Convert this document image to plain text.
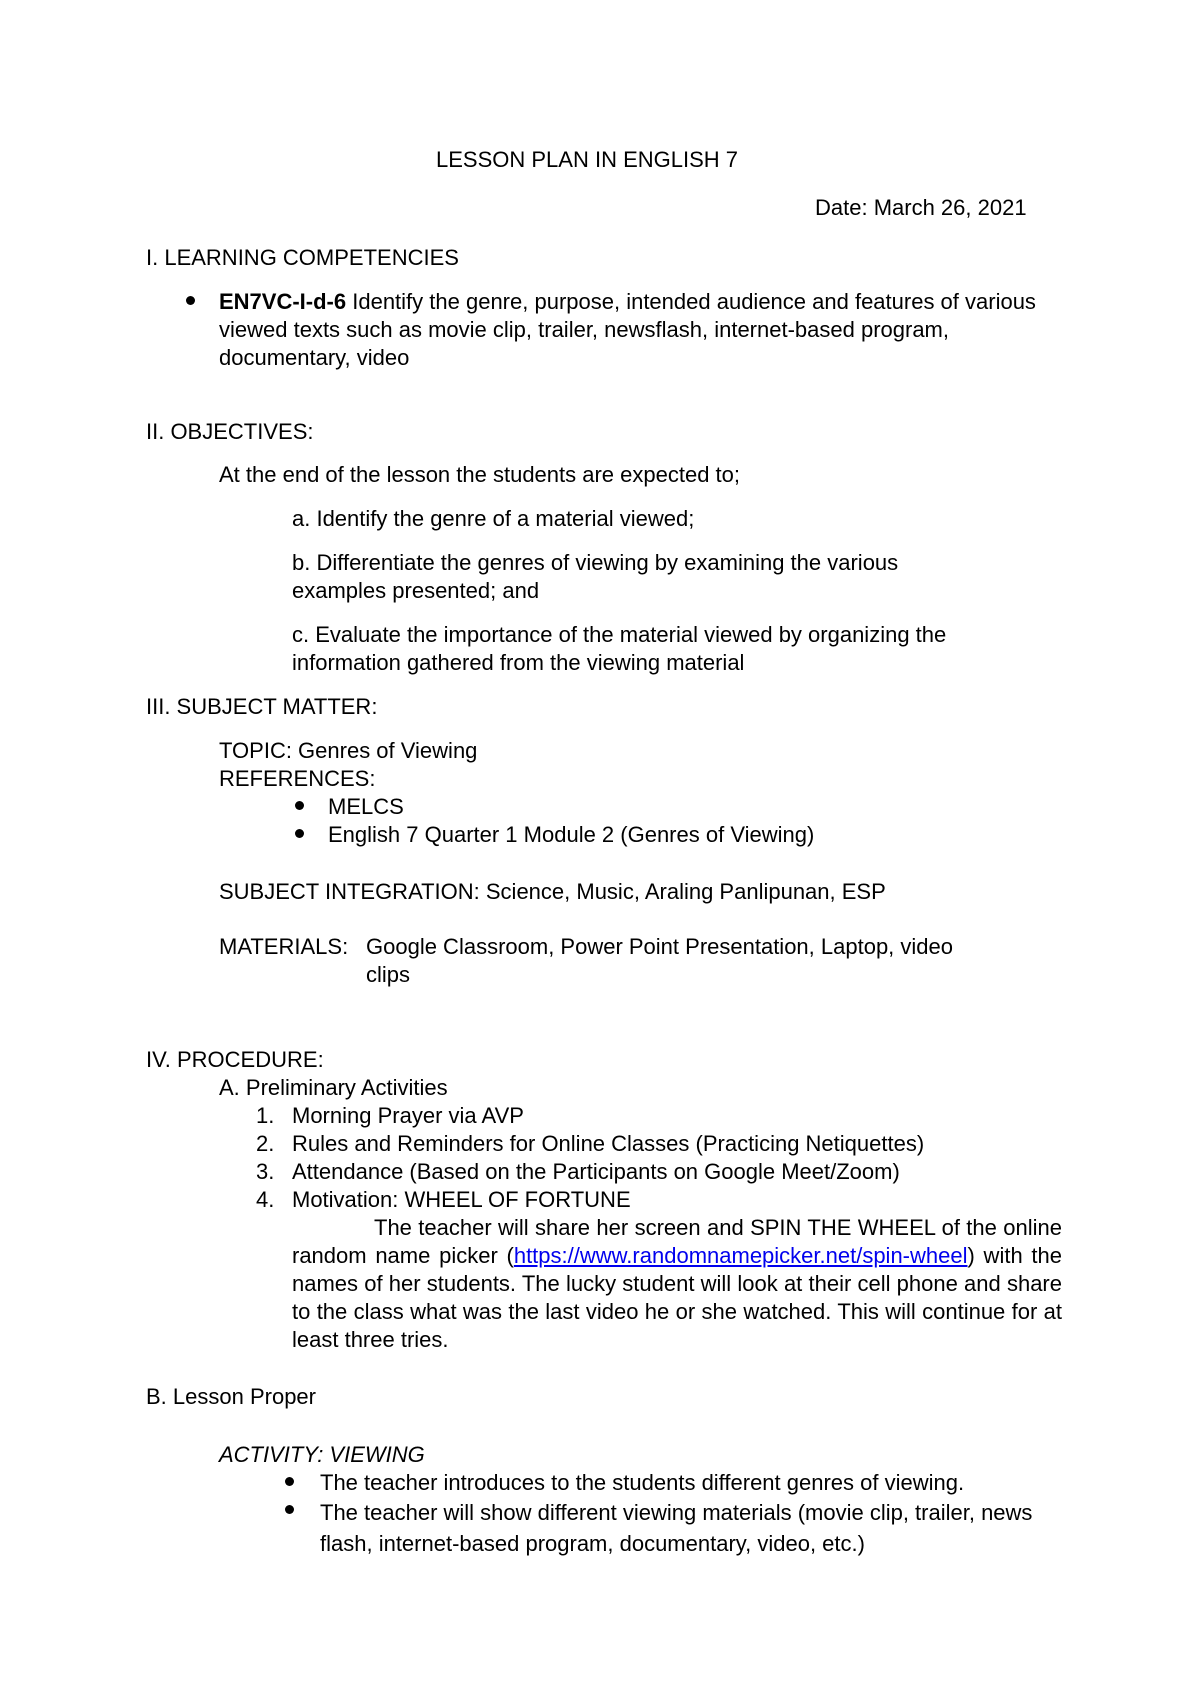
LESSON PLAN IN ENGLISH 7
Date: March 26, 2021
I. LEARNING COMPETENCIES
EN7VC-I-d-6 Identify the genre, purpose, intended audience and features of various viewed texts such as movie clip, trailer, newsflash, internet-based program, documentary, video
II. OBJECTIVES:
At the end of the lesson the students are expected to;
a. Identify the genre of a material viewed;
b. Differentiate the genres of viewing by examining the various
examples presented; and
c. Evaluate the importance of the material viewed by organizing the
information gathered from the viewing material
III. SUBJECT MATTER:
TOPIC: Genres of Viewing
REFERENCES:
MELCS
English 7 Quarter 1 Module 2 (Genres of Viewing)
SUBJECT INTEGRATION: Science, Music, Araling Panlipunan, ESP
MATERIALS: Google Classroom, Power Point Presentation, Laptop, video
clips
IV. PROCEDURE:
A. Preliminary Activities
1. Morning Prayer via AVP
2. Rules and Reminders for Online Classes (Practicing Netiquettes)
3. Attendance (Based on the Participants on Google Meet/Zoom)
4. Motivation: WHEEL OF FORTUNE
The teacher will share her screen and SPIN THE WHEEL of the online random name picker (https://www.randomnamepicker.net/spin-wheel) with the names of her students. The lucky student will look at their cell phone and share to the class what was the last video he or she watched. This will continue for at least three tries.
B. Lesson Proper
ACTIVITY: VIEWING
The teacher introduces to the students different genres of viewing.
The teacher will show different viewing materials (movie clip, trailer, news flash, internet-based program, documentary, video, etc.)
